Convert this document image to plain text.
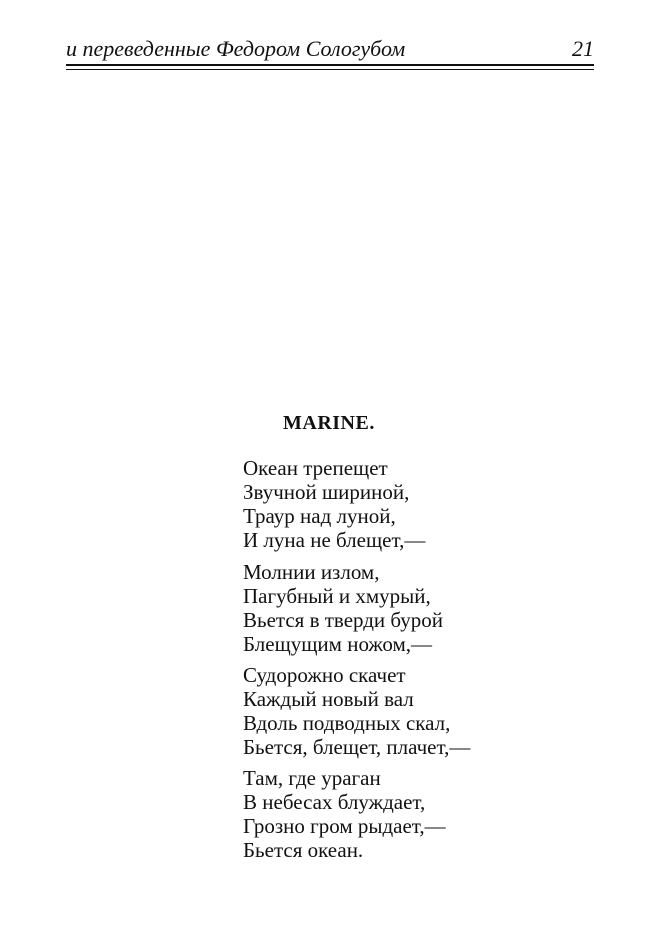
и переведенные Федором Сологубом	21
MARINE.
Океан трепещет
Звучной шириной,
Траур над луной,
И луна не блещет,—
Молнии излом,
Пагубный и хмурый,
Вьется в тверди бурой
Блещущим ножом,—
Судорожно скачет
Каждый новый вал
Вдоль подводных скал,
Бьется, блещет, плачет,—
Там, где ураган
В небесах блуждает,
Грозно гром рыдает,—
Бьется океан.
